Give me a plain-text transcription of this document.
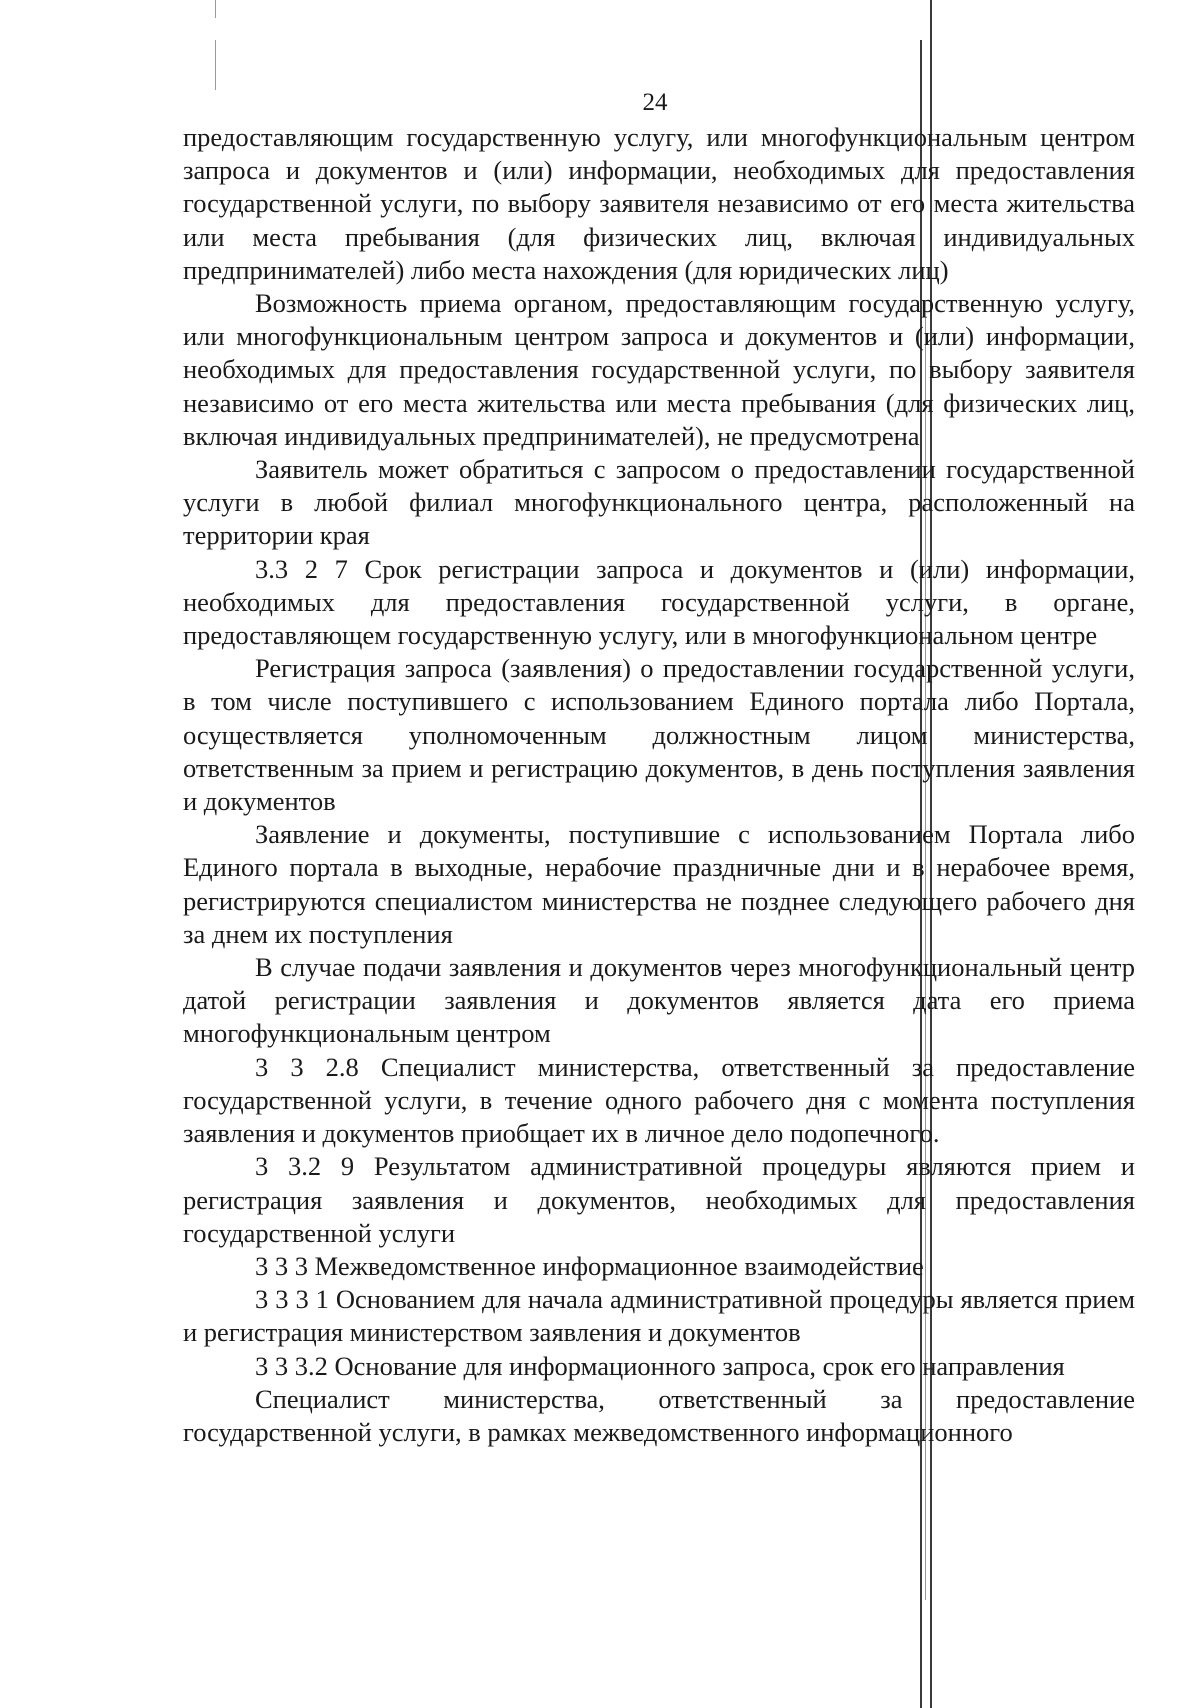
24

предоставляющим государственную услугу, или многофункциональным центром запроса и документов и (или) информации, необходимых для предоставления государственной услуги, по выбору заявителя независимо от его места жительства или места пребывания (для физических лиц, включая индивидуальных предпринимателей) либо места нахождения (для юридических лиц)

Возможность приема органом, предоставляющим государственную услугу, или многофункциональным центром запроса и документов и (или) информации, необходимых для предоставления государственной услуги, по выбору заявителя независимо от его места жительства или места пребывания (для физических лиц, включая индивидуальных предпринимателей), не предусмотрена

Заявитель может обратиться с запросом о предоставлении государственной услуги в любой филиал многофункционального центра, расположенный на территории края

3.3 2 7 Срок регистрации запроса и документов и (или) информации, необходимых для предоставления государственной услуги, в органе, предоставляющем государственную услугу, или в многофункциональном центре

Регистрация запроса (заявления) о предоставлении государственной услуги, в том числе поступившего с использованием Единого портала либо Портала, осуществляется уполномоченным должностным лицом министерства, ответственным за прием и регистрацию документов, в день поступления заявления и документов

Заявление и документы, поступившие с использованием Портала либо Единого портала в выходные, нерабочие праздничные дни и в нерабочее время, регистрируются специалистом министерства не позднее следующего рабочего дня за днем их поступления

В случае подачи заявления и документов через многофункциональный центр датой регистрации заявления и документов является дата его приема многофункциональным центром

3 3 2.8 Специалист министерства, ответственный за предоставление государственной услуги, в течение одного рабочего дня с момента поступления заявления и документов приобщает их в личное дело подопечного.

3 3.2 9 Результатом административной процедуры являются прием и регистрация заявления и документов, необходимых для предоставления государственной услуги

3 3 3 Межведомственное информационное взаимодействие

3 3 3 1 Основанием для начала административной процедуры является прием и регистрация министерством заявления и документов

3 3 3.2 Основание для информационного запроса, срок его направления

Специалист министерства, ответственный за предоставление государственной услуги, в рамках межведомственного информационного
